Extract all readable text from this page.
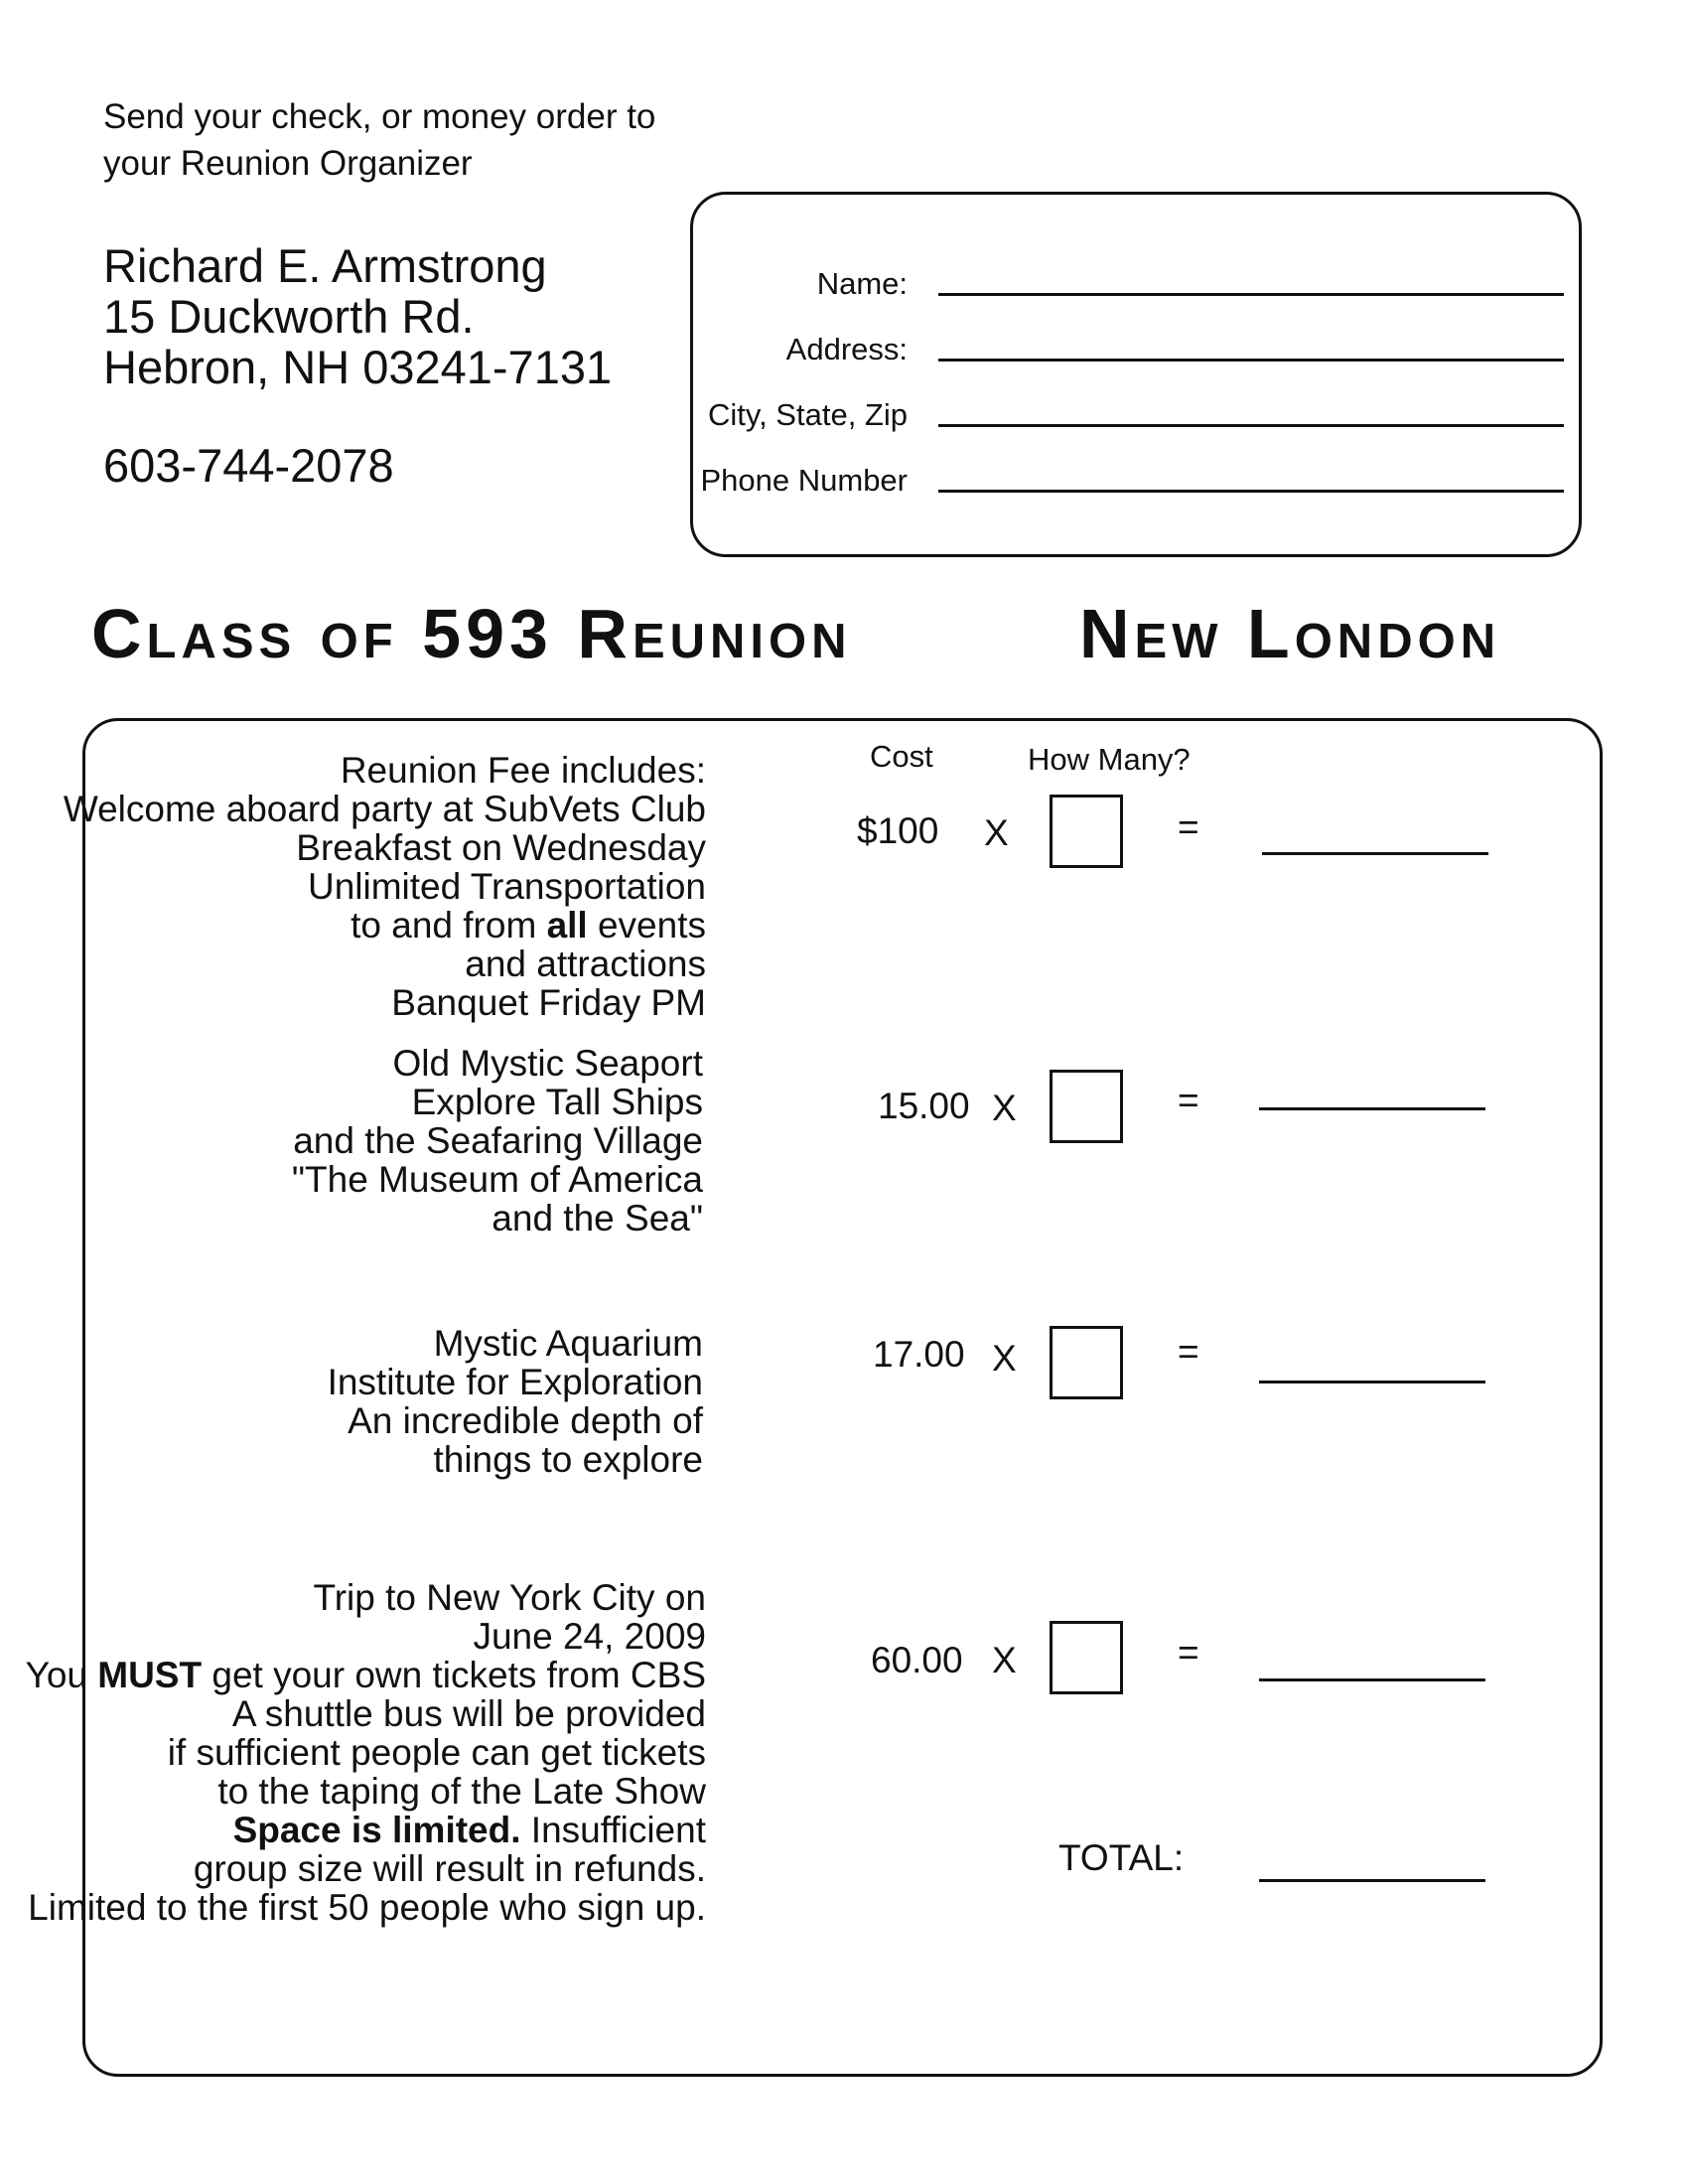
Send your check, or money order to
your Reunion Organizer
Richard E. Armstrong
15 Duckworth Rd.
Hebron, NH 03241-7131
603-744-2078
Name:
Address:
City, State, Zip
Phone Number
Class of 593 Reunion	New London
Cost	How Many?
Reunion Fee includes:
Welcome aboard party at SubVets Club
Breakfast on Wednesday
Unlimited Transportation
to and from all events
and attractions
Banquet Friday PM
$100 X	=
Old Mystic Seaport
Explore Tall Ships
and the Seafaring Village
"The Museum of America
and the Sea"
15.00 X	=
Mystic Aquarium
Institute for Exploration
An incredible depth of
things to explore
17.00 X	=
Trip to New York City on
June 24, 2009
You MUST get your own tickets from CBS
A shuttle bus will be provided
if sufficient people can get tickets
to the taping of the Late Show
Space is limited. Insufficient
group size will result in refunds.
Limited to the first 50 people who sign up.
60.00 X	=
TOTAL:
